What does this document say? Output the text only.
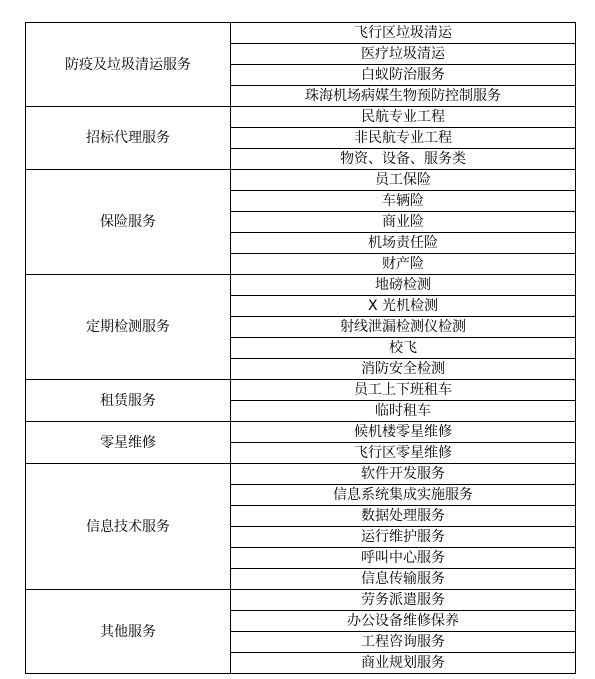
防疫及垃圾清运服务	飞行区垃圾清运
	医疗垃圾清运
	白蚁防治服务
	珠海机场病媒生物预防控制服务
招标代理服务	民航专业工程
	非民航专业工程
	物资、设备、服务类
保险服务	员工保险
	车辆险
	商业险
	机场责任险
	财产险
定期检测服务	地磅检测
	X 光机检测
	射线泄漏检测仪检测
	校飞
	消防安全检测
租赁服务	员工上下班租车
	临时租车
零星维修	候机楼零星维修
	飞行区零星维修
信息技术服务	软件开发服务
	信息系统集成实施服务
	数据处理服务
	运行维护服务
	呼叫中心服务
	信息传输服务
其他服务	劳务派遣服务
	办公设备维修保养
	工程咨询服务
	商业规划服务
